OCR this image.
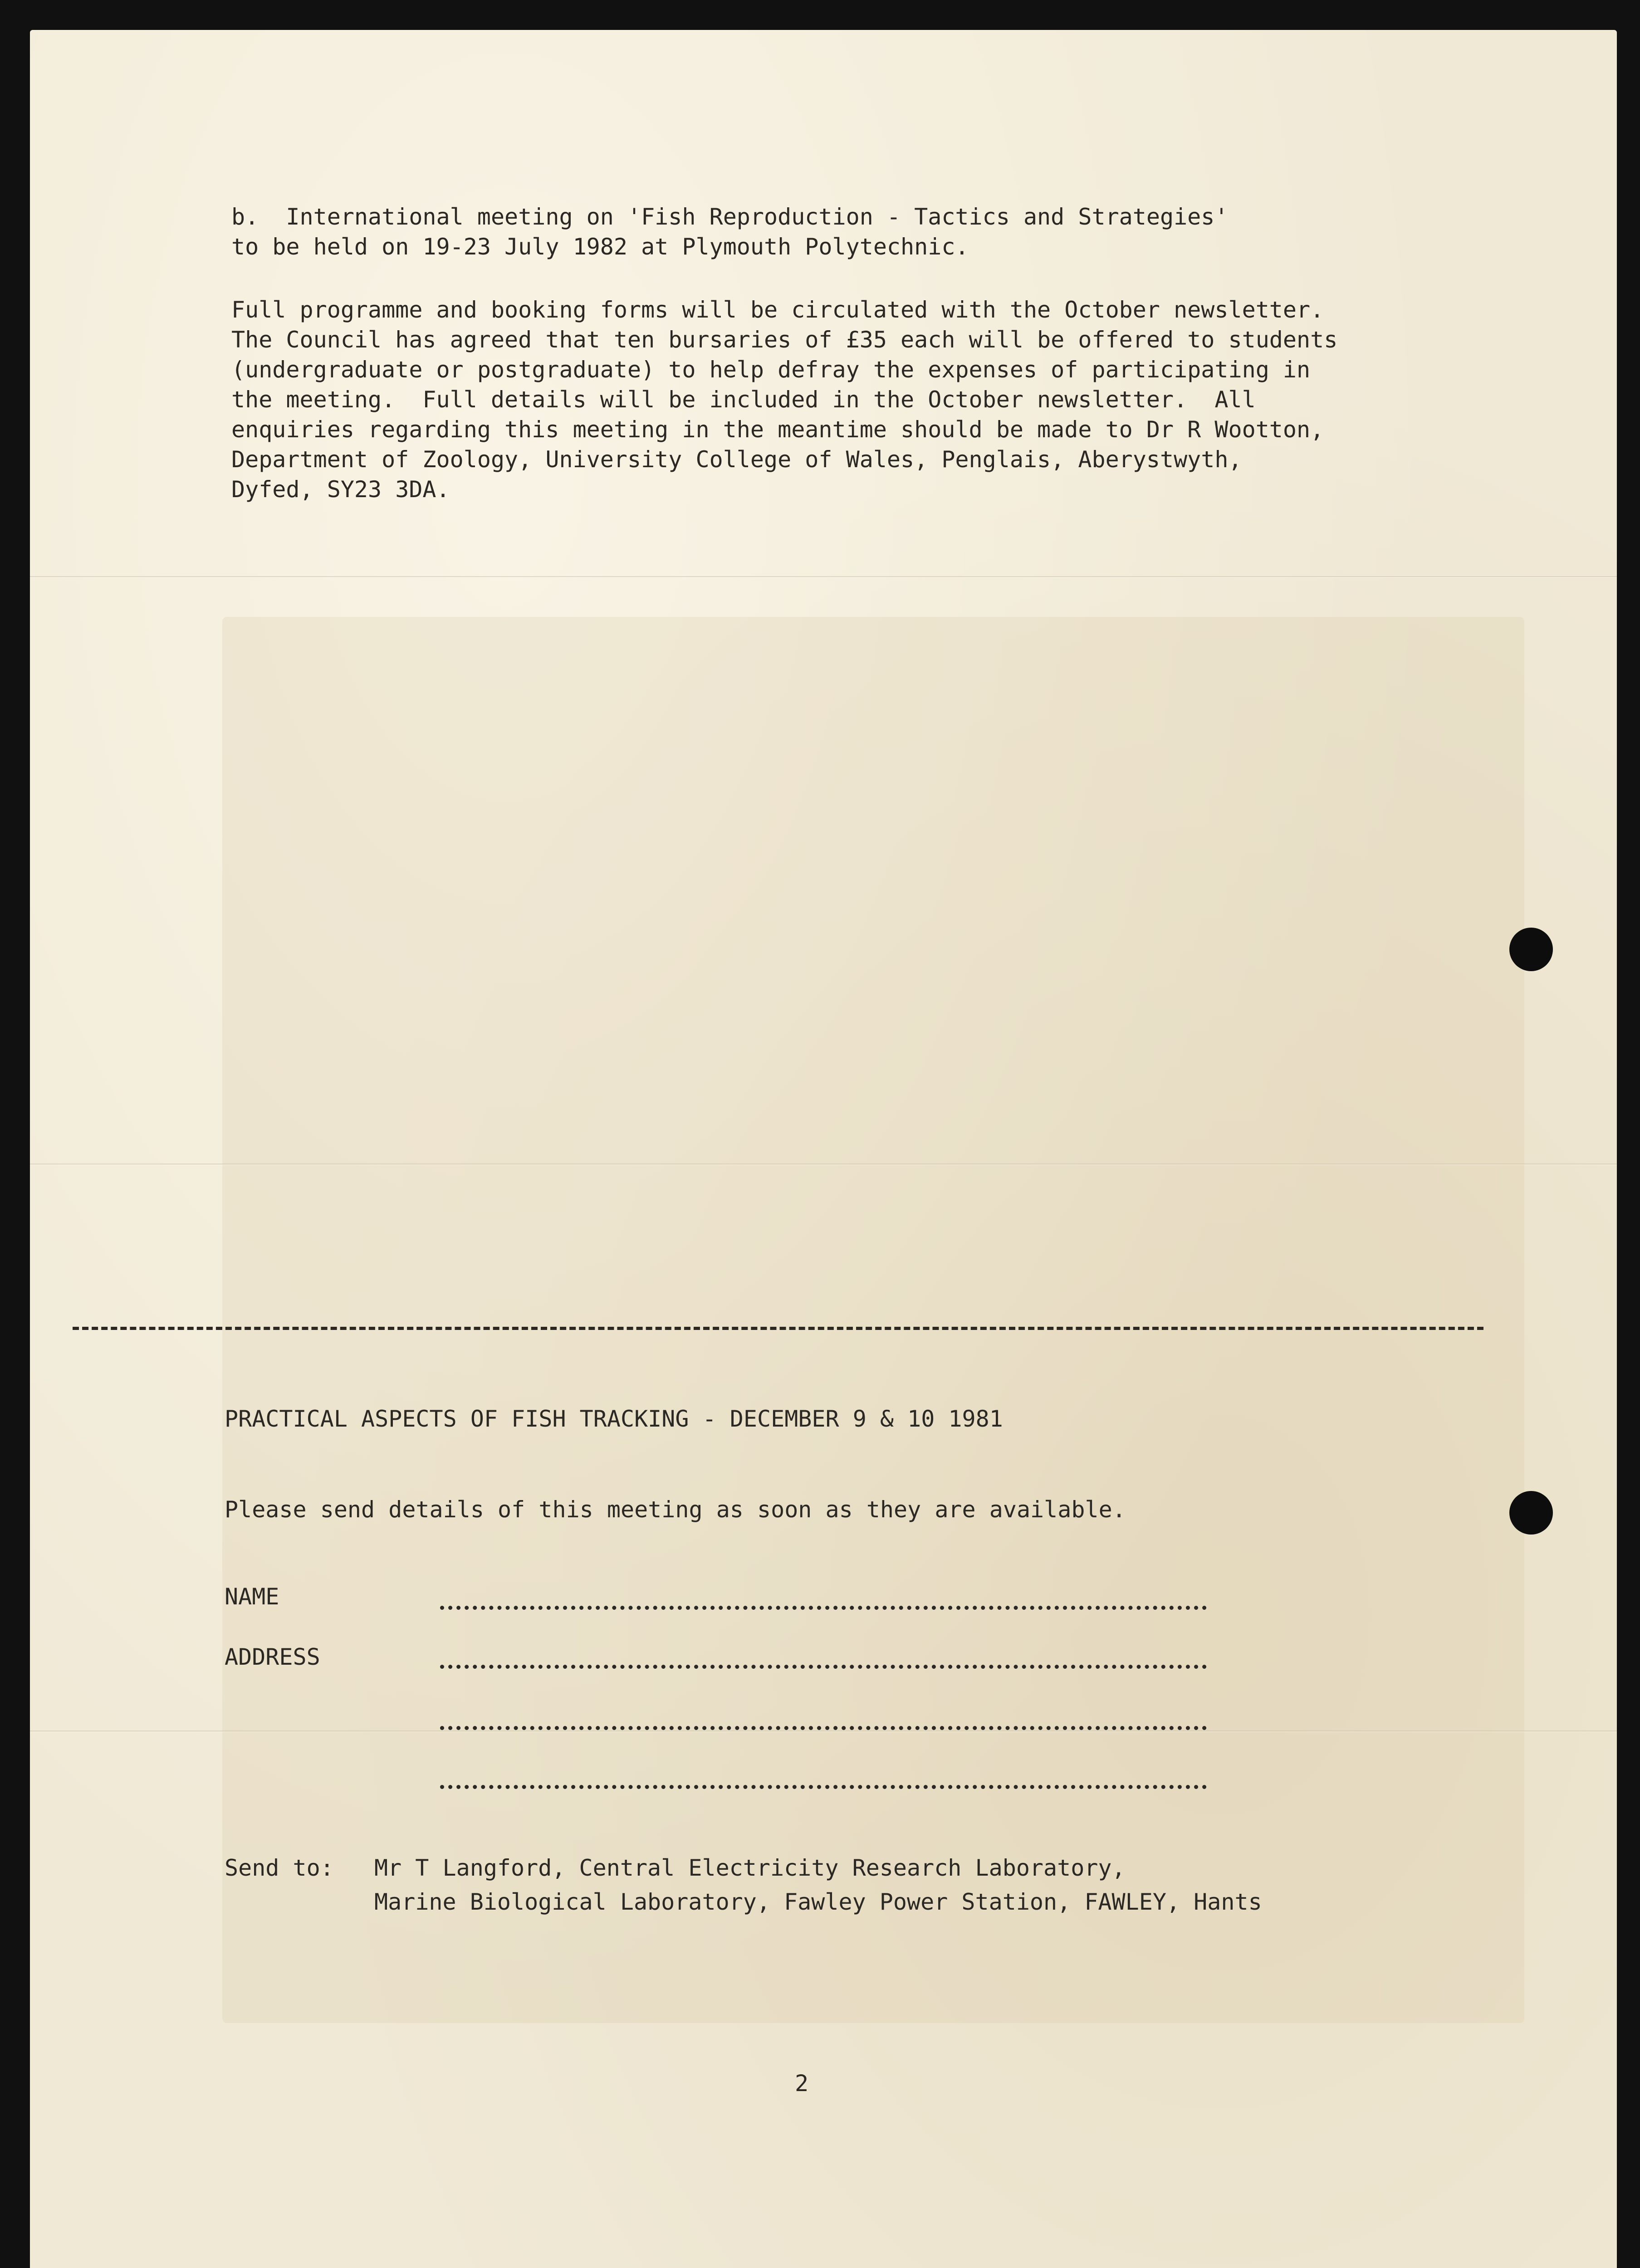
b.  International meeting on 'Fish Reproduction - Tactics and Strategies'
to be held on 19-23 July 1982 at Plymouth Polytechnic.
Full programme and booking forms will be circulated with the October newsletter.
The Council has agreed that ten bursaries of £35 each will be offered to students
(undergraduate or postgraduate) to help defray the expenses of participating in
the meeting.  Full details will be included in the October newsletter.  All
enquiries regarding this meeting in the meantime should be made to Dr R Wootton,
Department of Zoology, University College of Wales, Penglais, Aberystwyth,
Dyfed, SY23 3DA.
PRACTICAL ASPECTS OF FISH TRACKING - DECEMBER 9 & 10 1981
Please send details of this meeting as soon as they are available.
NAME
ADDRESS
Send to: Mr T Langford, Central Electricity Research Laboratory,
Marine Biological Laboratory, Fawley Power Station, FAWLEY, Hants
2
